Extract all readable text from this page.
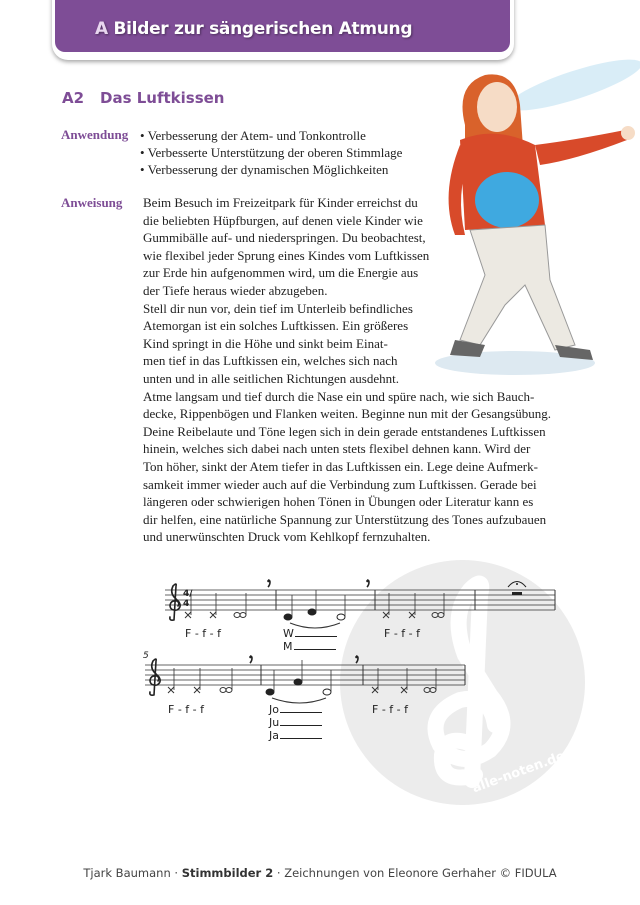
A Bilder zur sängerischen Atmung
A2 Das Luftkissen
Anwendung • Verbesserung der Atem- und Tonkontrolle
• Verbesserte Unterstützung der oberen Stimmlage
• Verbesserung der dynamischen Möglichkeiten
Anweisung Beim Besuch im Freizeitpark für Kinder erreichst du
die beliebten Hüpfburgen, auf denen viele Kinder wie
Gummibälle auf- und niederspringen. Du beobachtest,
wie flexibel jeder Sprung eines Kindes vom Luftkissen
zur Erde hin aufgenommen wird, um die Energie aus
der Tiefe heraus wieder abzugeben.
Stell dir nun vor, dein tief im Unterleib befindliches
Atemorgan ist ein solches Luftkissen. Ein größeres
Kind springt in die Höhe und sinkt beim Einat-
men tief in das Luftkissen ein, welches sich nach
unten und in alle seitlichen Richtungen ausdehnt.
Atme langsam und tief durch die Nase ein und spüre nach, wie sich Bauch-
decke, Rippenbögen und Flanken weiten. Beginne nun mit der Gesangsübung.
Deine Reibelaute und Töne legen sich in dein gerade entstandenes Luftkissen
hinein, welches sich dabei nach unten stets flexibel dehnen kann. Wird der
Ton höher, sinkt der Atem tiefer in das Luftkissen ein. Lege deine Aufmerk-
samkeit immer wieder auch auf die Verbindung zum Luftkissen. Gerade bei
längeren oder schwierigen hohen Tönen in Übungen oder Literatur kann es
dir helfen, eine natürliche Spannung zur Unterstützung des Tones aufzubauen
und unerwünschten Druck vom Kehlkopf fernzuhalten.
alle-noten.de
4/4
F - f - f	W
M
F - f - f
5
F - f - f	Jo
Ju
Ja
F - f - f
Tjark Baumann · Stimmbilder 2 · Zeichnungen von Eleonore Gerhaher © FIDULA
